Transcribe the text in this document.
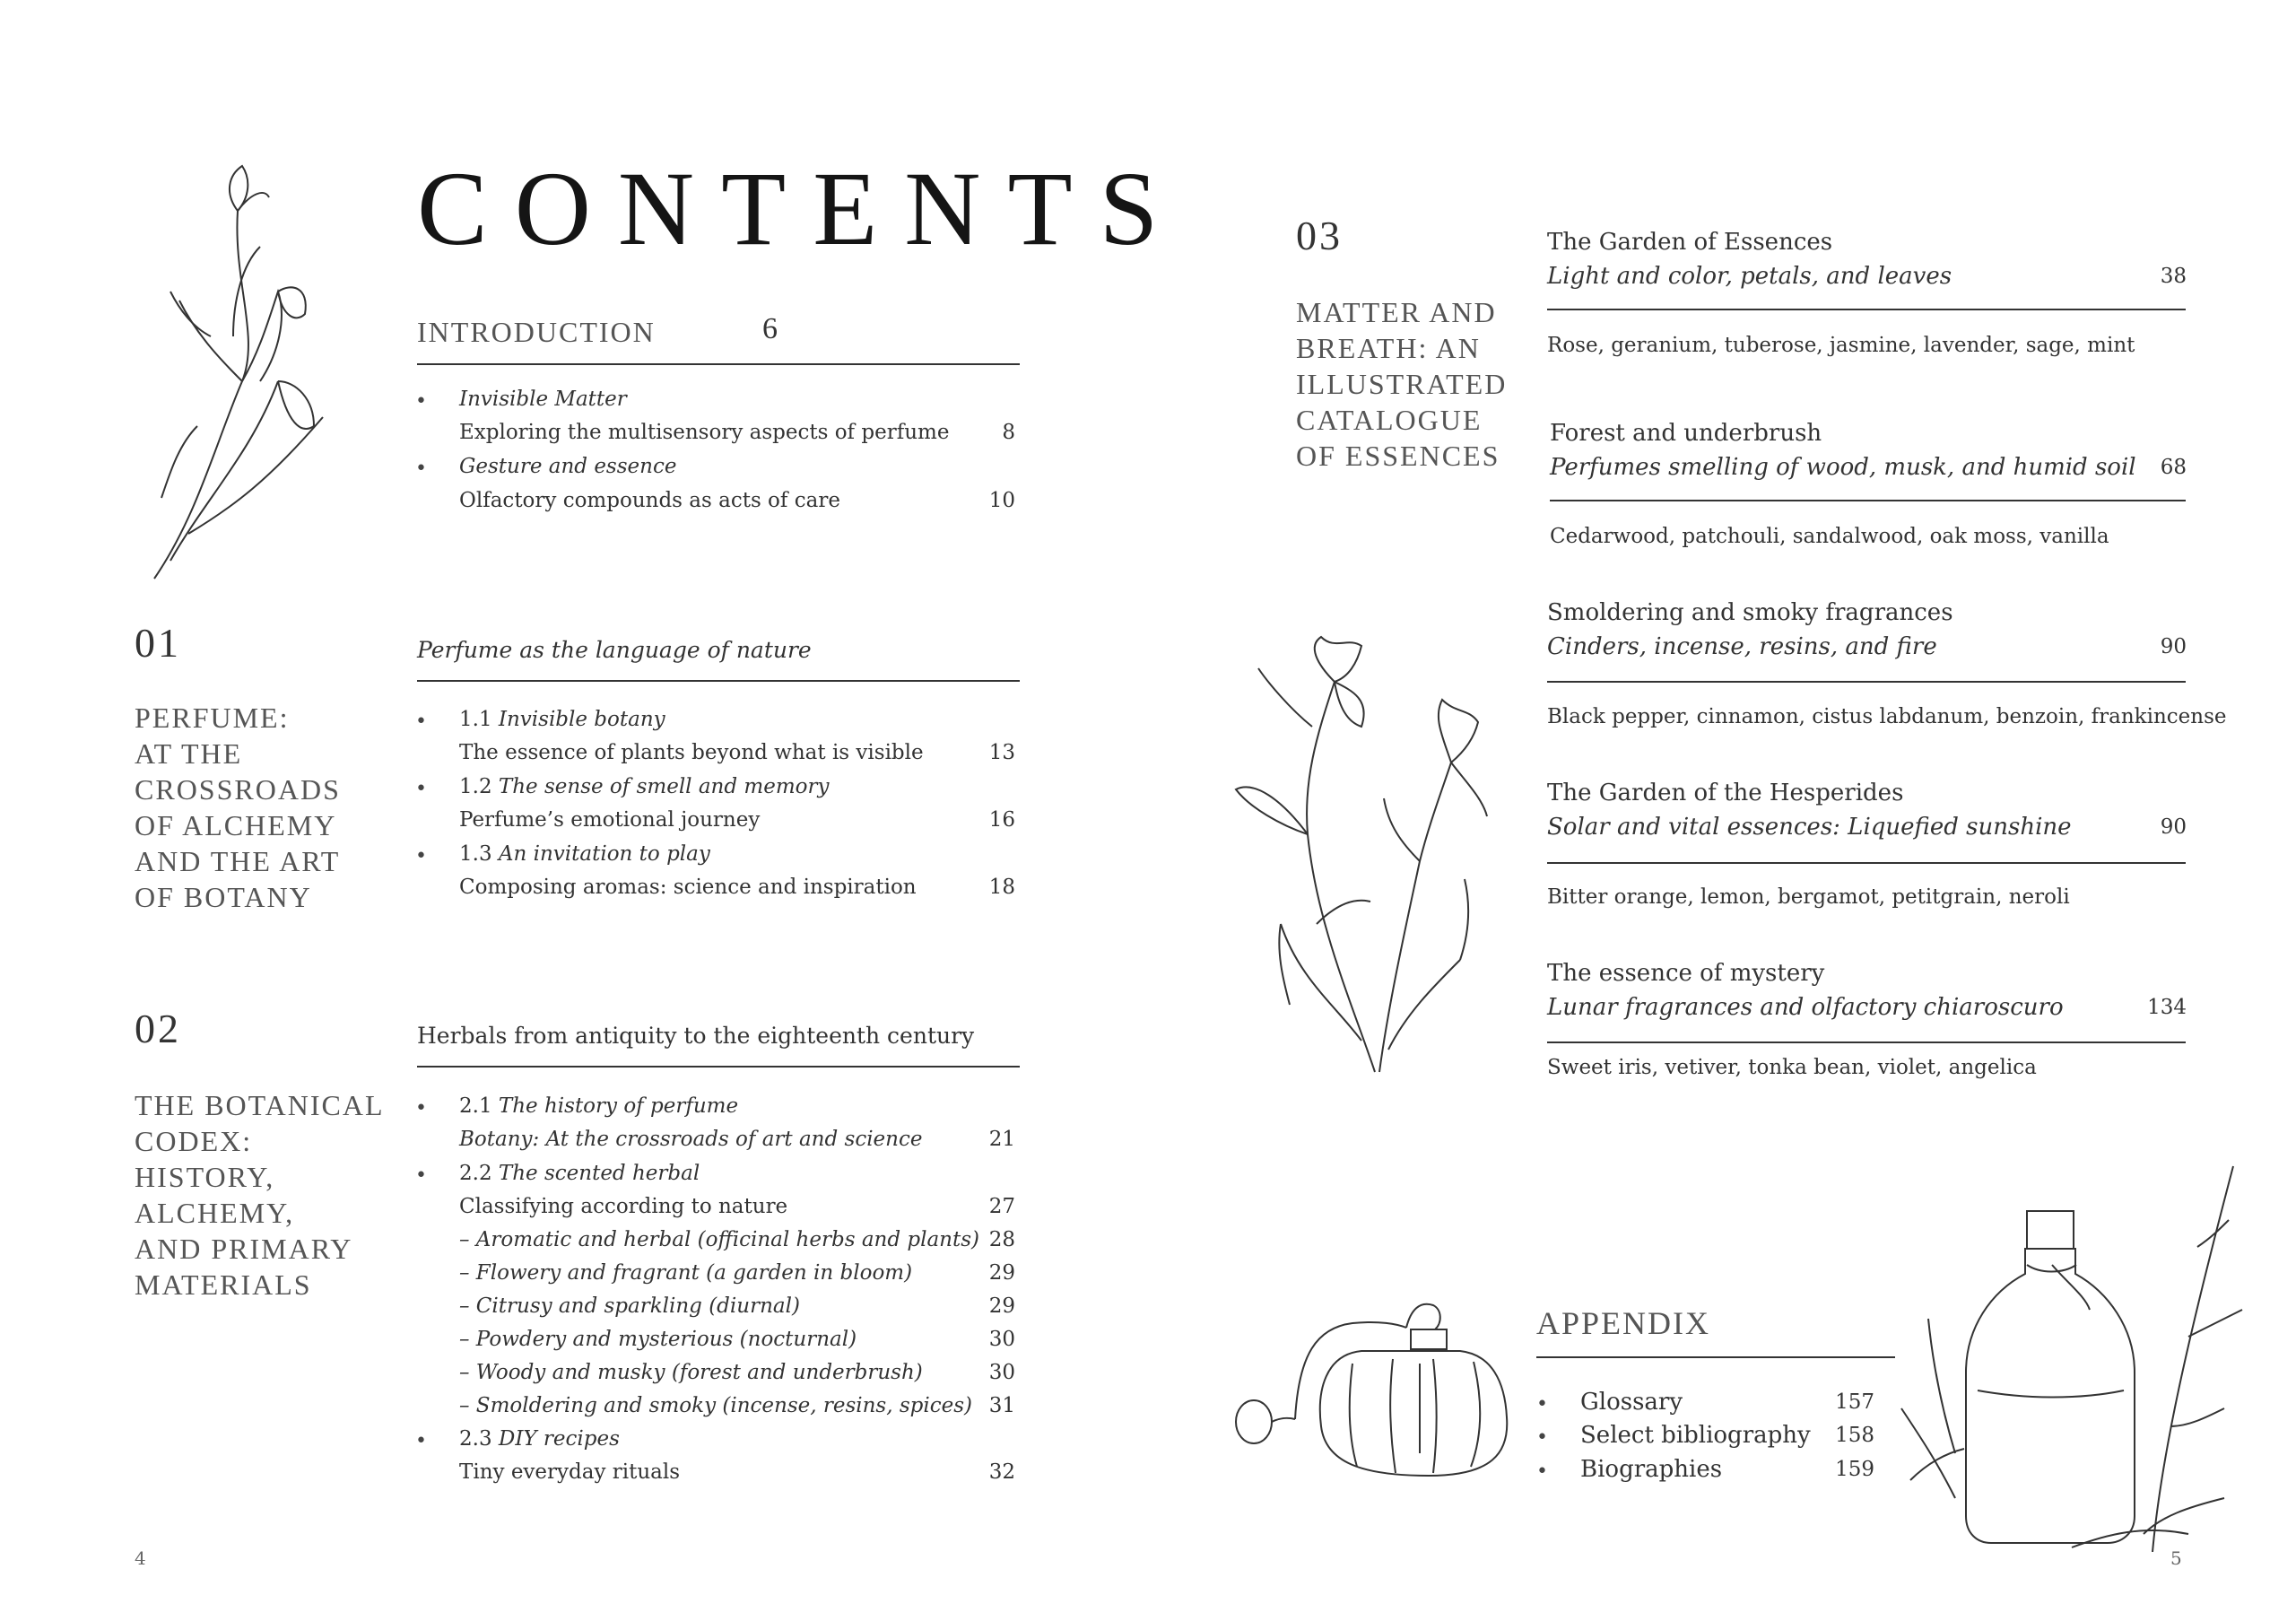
CONTENTS
INTRODUCTION	6
• Invisible Matter
Exploring the multisensory aspects of perfume	8
• Gesture and essence
Olfactory compounds as acts of care	10
01
PERFUME:
AT THE
CROSSROADS
OF ALCHEMY
AND THE ART
OF BOTANY
Perfume as the language of nature
• 1.1 Invisible botany
The essence of plants beyond what is visible	13
• 1.2 The sense of smell and memory
Perfume’s emotional journey	16
• 1.3 An invitation to play
Composing aromas: science and inspiration	18
02
THE BOTANICAL
CODEX:
HISTORY,
ALCHEMY,
AND PRIMARY
MATERIALS
Herbals from antiquity to the eighteenth century
• 2.1 The history of perfume
Botany: At the crossroads of art and science	21
• 2.2 The scented herbal
Classifying according to nature	27
– Aromatic and herbal (officinal herbs and plants) 28
– Flowery and fragrant (a garden in bloom)	29
– Citrusy and sparkling (diurnal)	29
– Powdery and mysterious (nocturnal)	30
– Woody and musky (forest and underbrush)	30
– Smoldering and smoky (incense, resins, spices) 31
• 2.3 DIY recipes
Tiny everyday rituals	32
4
03
MATTER AND
BREATH: AN
ILLUSTRATED
CATALOGUE
OF ESSENCES
The Garden of Essences
Light and color, petals, and leaves	38
Rose, geranium, tuberose, jasmine, lavender, sage, mint
Forest and underbrush
Perfumes smelling of wood, musk, and humid soil	68
Cedarwood, patchouli, sandalwood, oak moss, vanilla
Smoldering and smoky fragrances
Cinders, incense, resins, and fire	90
Black pepper, cinnamon, cistus labdanum, benzoin, frankincense
The Garden of the Hesperides
Solar and vital essences: Liquefied sunshine	90
Bitter orange, lemon, bergamot, petitgrain, neroli
The essence of mystery
Lunar fragrances and olfactory chiaroscuro	134
Sweet iris, vetiver, tonka bean, violet, angelica
APPENDIX
• Glossary	157
• Select bibliography	158
• Biographies	159
5
